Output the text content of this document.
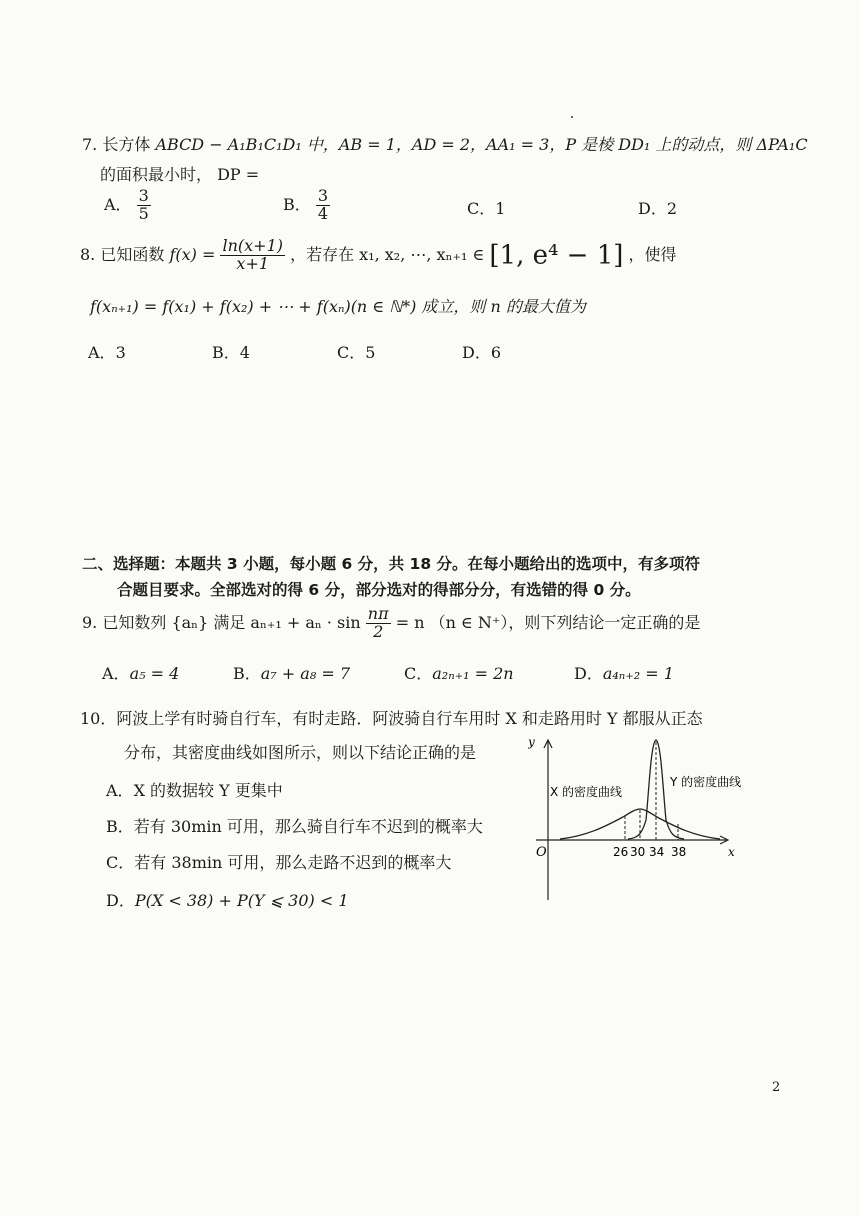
7. 长方体 ABCD − A₁B₁C₁D₁ 中，AB = 1，AD = 2，AA₁ = 3，P 是棱 DD₁ 上的动点，则 ΔPA₁C
的面积最小时， DP =
A． $\frac{3}{5}$	B． $\frac{3}{4}$	C．1	D．2
8. 已知函数 $f(x) = \frac{\ln(x+1)}{x+1}$ ，若存在 x₁, x₂, ⋯, xₙ₊₁ ∈ [1, e⁴ − 1] ，使得
f(xₙ₊₁) = f(x₁) + f(x₂) + ⋯ + f(xₙ)(n ∈ ℕ*) 成立，则 n 的最大值为
A．3	B．4	C．5	D．6
二、选择题：本题共 3 小题，每小题 6 分，共 18 分。在每小题给出的选项中，有多项符
合题目要求。全部选对的得 6 分，部分选对的得部分分，有选错的得 0 分。
9. 已知数列 {aₙ} 满足 $a_{n+1} + a_n \cdot \sin \frac{n\pi}{2} = n$ （n ∈ N⁺），则下列结论一定正确的是
A．a₅ = 4	B．a₇ + a₈ = 7	C．a₂ₙ₊₁ = 2n	D．a₄ₙ₊₂ = 1
10．阿波上学有时骑自行车，有时走路．阿波骑自行车用时 X 和走路用时 Y 都服从正态
分布，其密度曲线如图所示，则以下结论正确的是
A．X 的数据较 Y 更集中
B．若有 30min 可用，那么骑自行车不迟到的概率大
C．若有 38min 可用，那么走路不迟到的概率大
D．P(X < 38) + P(Y ⩽ 30) < 1
y
O	x
X 的密度曲线
Y 的密度曲线
26 30 34 38
2
